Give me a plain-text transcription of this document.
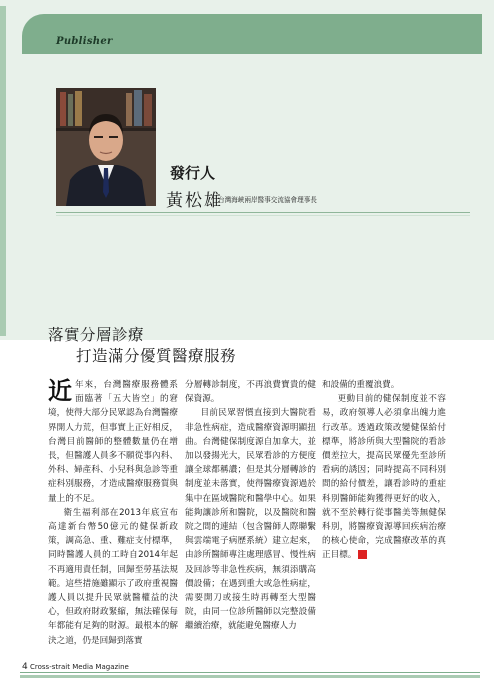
Publisher
發行人
黃松雄
台灣海峽兩岸醫事交流協會理事長
落實分層診療
打造滿分優質醫療服務

近年來，台灣醫療服務體系面臨著「五大皆空」的窘境，使得大部分民眾認為台灣醫療界開人力荒，但事實上正好相反，台灣目前醫師的整體數量仍在增長，但醫護人員多不願從事內科、外科、婦產科、小兒科與急診等重症科別服務，才造成醫療服務質與量上的不足。

衛生福利部在2013年底宣布高達新台幣50億元的健保新政策，調高急、重、難症支付標準，同時醫護人員的工時自2014年起不再適用責任制，回歸至勞基法規範。這些措施雖顯示了政府重視醫護人員以提升民眾就醫權益的決心，但政府財政緊縮，無法確保每年都能有足夠的財源。最根本的解決之道，仍是回歸到落實

分層轉診制度，不再浪費寶貴的健保資源。

目前民眾習慣直接到大醫院看非急性病症，造成醫療資源明顯扭曲。台灣健保制度源自加拿大，並加以發揚光大，民眾看診的方便度讓全球都稱讚；但是其分層轉診的制度並未落實，使得醫療資源過於集中在區域醫院和醫學中心。如果能夠讓診所和醫院，以及醫院和醫院之間的連結（包含醫師人際聯繫與雲端電子病歷系統）建立起來，由診所醫師專注處理感冒、慢性病及回診等非急性疾病，無須添購高價設備；在遇到重大或急性病症，需要開刀或接生時再轉至大型醫院，由同一位診所醫師以完整設備繼續治療，就能避免醫療人力

和設備的重覆浪費。

更動目前的健保制度並不容易，政府領導人必須拿出魄力進行改革。透過政策改變健保給付標準，將診所與大型醫院的看診價差拉大，提高民眾優先至診所看病的誘因；同時提高不同科別間的給付價差，讓看診時的重症科別醫師能夠獲得更好的收入，就不至於轉行從事醫美等無健保科別，將醫療資源導回疾病治療的核心使命，完成醫療改革的真正目標。 +

4 Cross-strait Media Magazine
